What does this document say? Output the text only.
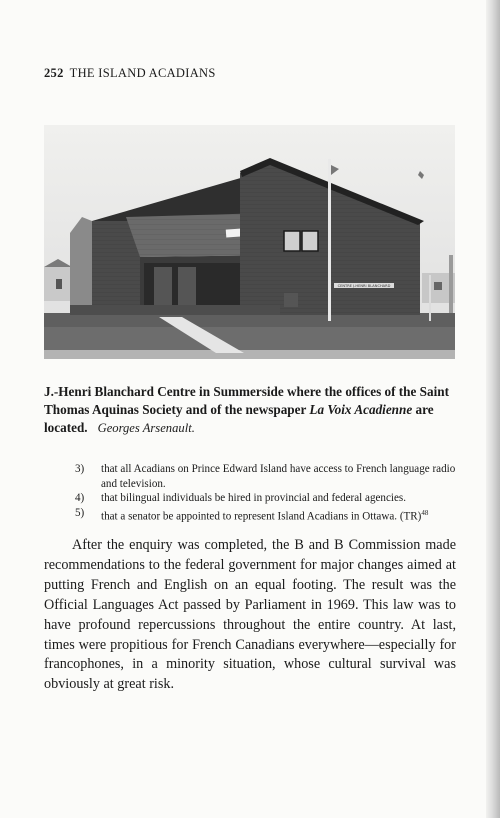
252 THE ISLAND ACADIANS
CENTRE J-HENRI BLANCHARD
J.-Henri Blanchard Centre in Summerside where the offices of the Saint Thomas Aquinas Society and of the newspaper La Voix Acadienne are located. Georges Arsenault.
3) that all Acadians on Prince Edward Island have access to French language radio and television.
4) that bilingual individuals be hired in provincial and federal agencies.
5) that a senator be appointed to represent Island Acadians in Ottawa. (TR)$^{48}$

After the enquiry was completed, the B and B Commission made recommendations to the federal government for major changes aimed at putting French and English on an equal footing. The result was the Official Languages Act passed by Parliament in 1969. This law was to have profound repercussions throughout the entire country. At last, times were propitious for French Canadians everywhere—especially for francophones, in a minority situation, whose cultural survival was obviously at great risk.
